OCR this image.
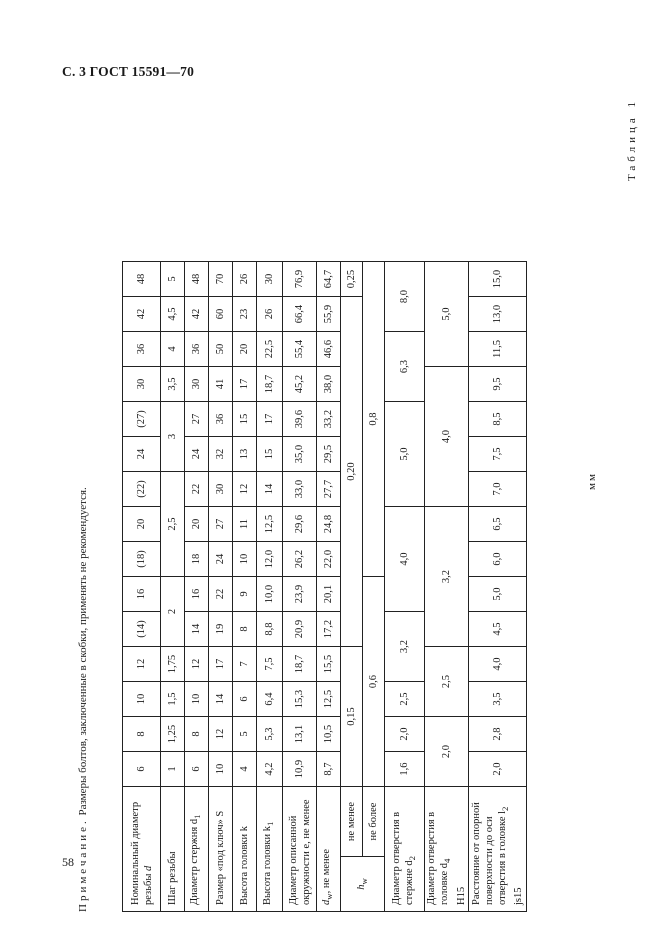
С. 3 ГОСТ 15591—70
58
Таблица 1
мм
Номинальный диаметр резьбы d		6	8	10	12	(14)	16	(18)	20	(22)	24	(27)	30	36	42	48
Шаг резьбы		1	1,25	1,5	1,75	2		2,5			3		3,5	4	4,5	5
Диаметр стержня $d_1$		6	8	10	12	14	16	18	20	22	24	27	30	36	42	48
Размер «под ключ» S		10	12	14	17	19	22	24	27	30	32	36	41	50	60	70
Высота головки k		4	5	6	7	8	9	10	11	12	13	15	17	20	23	26
Высота головки $k_1$		4,2	5,3	6,4	7,5	8,8	10,0	12,0	12,5	14	15	17	18,7	22,5	26	30
Диаметр описанной окружности e, не менее		10,9	13,1	15,3	18,7	20,9	23,9	26,2	29,6	33,0	35,0	39,6	45,2	55,4	66,4	76,9
$d_w$, не менее		8,7	10,5	12,5	15,5	17,2	20,1	22,0	24,8	27,7	29,5	33,2	38,0	46,6	55,9	64,7
$h_w$	не менее	0,15				0,20										0,25
	не более	0,6						0,8								
Диаметр отверстия в стержне $d_2$		1,6	2,0	2,5	3,2		4,0			5,0			6,3		8,0	
Диаметр отверстия в головке $d_4$
Н15		2,0		2,5		3,2				4,0				5,0		
Расстояние от опорной поверхности до оси отверстия в головке $l_2$
js15		2,0	2,8	3,5	4,0	4,5	5,0	6,0	6,5	7,0	7,5	8,5	9,5	11,5	13,0	15,0
Примечание. Размеры болтов, заключенные в скобки, применять не рекомендуется.
